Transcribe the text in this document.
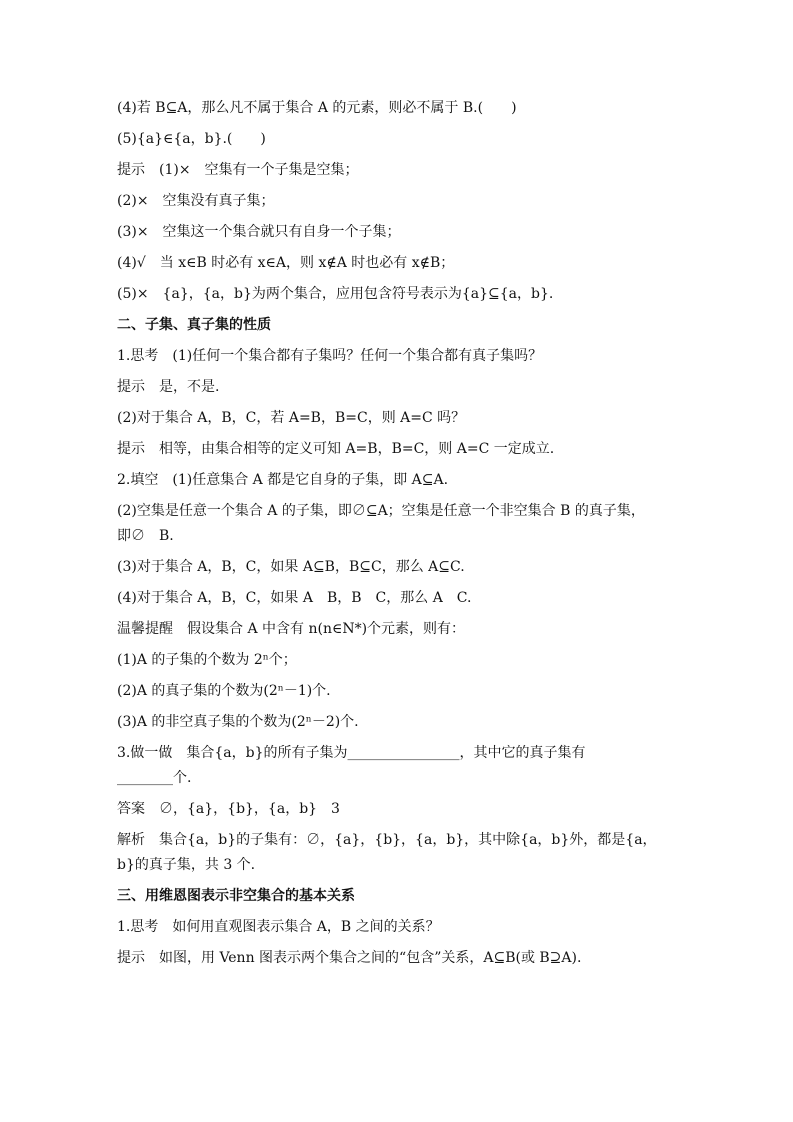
(4)若 B⊆A，那么凡不属于集合 A 的元素，则必不属于 B.(　　)
(5){a}∈{a，b}.(　　)
提示　(1)×　空集有一个子集是空集；
(2)×　空集没有真子集；
(3)×　空集这一个集合就只有自身一个子集；
(4)√　当 x∈B 时必有 x∈A，则 x∉A 时也必有 x∉B；
(5)×　{a}，{a，b}为两个集合，应用包含符号表示为{a}⊆{a，b}.
二、子集、真子集的性质
1.思考　(1)任何一个集合都有子集吗？任何一个集合都有真子集吗？
提示　是，不是.
(2)对于集合 A，B，C，若 A=B，B=C，则 A=C 吗？
提示　相等，由集合相等的定义可知 A=B，B=C，则 A=C 一定成立.
2.填空　(1)任意集合 A 都是它自身的子集，即 A⊆A.
(2)空集是任意一个集合 A 的子集，即∅⊆A；空集是任意一个非空集合 B 的真子集，
即∅　B.
(3)对于集合 A，B，C，如果 A⊆B，B⊆C，那么 A⊆C.
(4)对于集合 A，B，C，如果 A　B，B　C，那么 A　C.
温馨提醒　假设集合 A 中含有 n(n∈N*)个元素，则有：
(1)A 的子集的个数为 2ⁿ个；
(2)A 的真子集的个数为(2ⁿ－1)个.
(3)A 的非空真子集的个数为(2ⁿ－2)个.
3.做一做　集合{a，b}的所有子集为________________，其中它的真子集有
________个.
答案　∅，{a}，{b}，{a，b}　3
解析　集合{a，b}的子集有：∅，{a}，{b}，{a，b}，其中除{a，b}外，都是{a，
b}的真子集，共 3 个.
三、用维恩图表示非空集合的基本关系
1.思考　如何用直观图表示集合 A，B 之间的关系？
提示　如图，用 Venn 图表示两个集合之间的“包含”关系，A⊆B(或 B⊇A).
